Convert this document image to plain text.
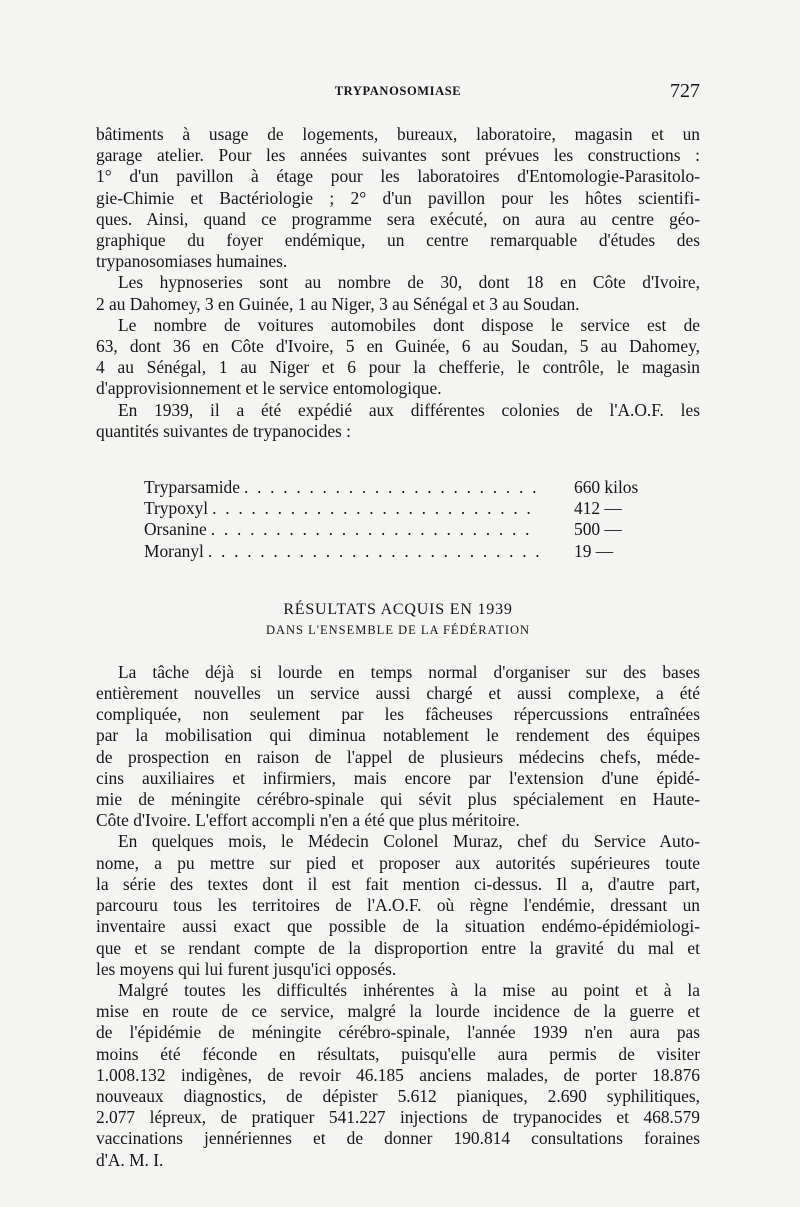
TRYPANOSOMIASE	727
bâtiments à usage de logements, bureaux, laboratoire, magasin et un
garage atelier. Pour les années suivantes sont prévues les constructions :
1° d'un pavillon à étage pour les laboratoires d'Entomologie-Parasitolo-
gie-Chimie et Bactériologie ; 2° d'un pavillon pour les hôtes scientifi-
ques. Ainsi, quand ce programme sera exécuté, on aura au centre géo-
graphique du foyer endémique, un centre remarquable d'études des
trypanosomiases humaines.
Les hypnoseries sont au nombre de 30, dont 18 en Côte d'Ivoire,
2 au Dahomey, 3 en Guinée, 1 au Niger, 3 au Sénégal et 3 au Soudan.
Le nombre de voitures automobiles dont dispose le service est de
63, dont 36 en Côte d'Ivoire, 5 en Guinée, 6 au Soudan, 5 au Dahomey,
4 au Sénégal, 1 au Niger et 6 pour la chefferie, le contrôle, le magasin
d'approvisionnement et le service entomologique.
En 1939, il a été expédié aux différentes colonies de l'A.O.F. les
quantités suivantes de trypanocides :
Tryparsamide . . . . . . . . . . . . . . . . . . . . . . .	660 kilos
Trypoxyl . . . . . . . . . . . . . . . . . . . . . . . . .	412 —
Orsanine . . . . . . . . . . . . . . . . . . . . . . . . .	500 —
Moranyl . . . . . . . . . . . . . . . . . . . . . . . . . .	19 —
RÉSULTATS ACQUIS EN 1939
DANS L'ENSEMBLE DE LA FÉDÉRATION
La tâche déjà si lourde en temps normal d'organiser sur des bases
entièrement nouvelles un service aussi chargé et aussi complexe, a été
compliquée, non seulement par les fâcheuses répercussions entraînées
par la mobilisation qui diminua notablement le rendement des équipes
de prospection en raison de l'appel de plusieurs médecins chefs, méde-
cins auxiliaires et infirmiers, mais encore par l'extension d'une épidé-
mie de méningite cérébro-spinale qui sévit plus spécialement en Haute-
Côte d'Ivoire. L'effort accompli n'en a été que plus méritoire.
En quelques mois, le Médecin Colonel Muraz, chef du Service Auto-
nome, a pu mettre sur pied et proposer aux autorités supérieures toute
la série des textes dont il est fait mention ci-dessus. Il a, d'autre part,
parcouru tous les territoires de l'A.O.F. où règne l'endémie, dressant un
inventaire aussi exact que possible de la situation endémo-épidémiologi-
que et se rendant compte de la disproportion entre la gravité du mal et
les moyens qui lui furent jusqu'ici opposés.
Malgré toutes les difficultés inhérentes à la mise au point et à la
mise en route de ce service, malgré la lourde incidence de la guerre et
de l'épidémie de méningite cérébro-spinale, l'année 1939 n'en aura pas
moins été féconde en résultats, puisqu'elle aura permis de visiter
1.008.132 indigènes, de revoir 46.185 anciens malades, de porter 18.876
nouveaux diagnostics, de dépister 5.612 pianiques, 2.690 syphilitiques,
2.077 lépreux, de pratiquer 541.227 injections de trypanocides et 468.579
vaccinations jennériennes et de donner 190.814 consultations foraines
d'A. M. I.
